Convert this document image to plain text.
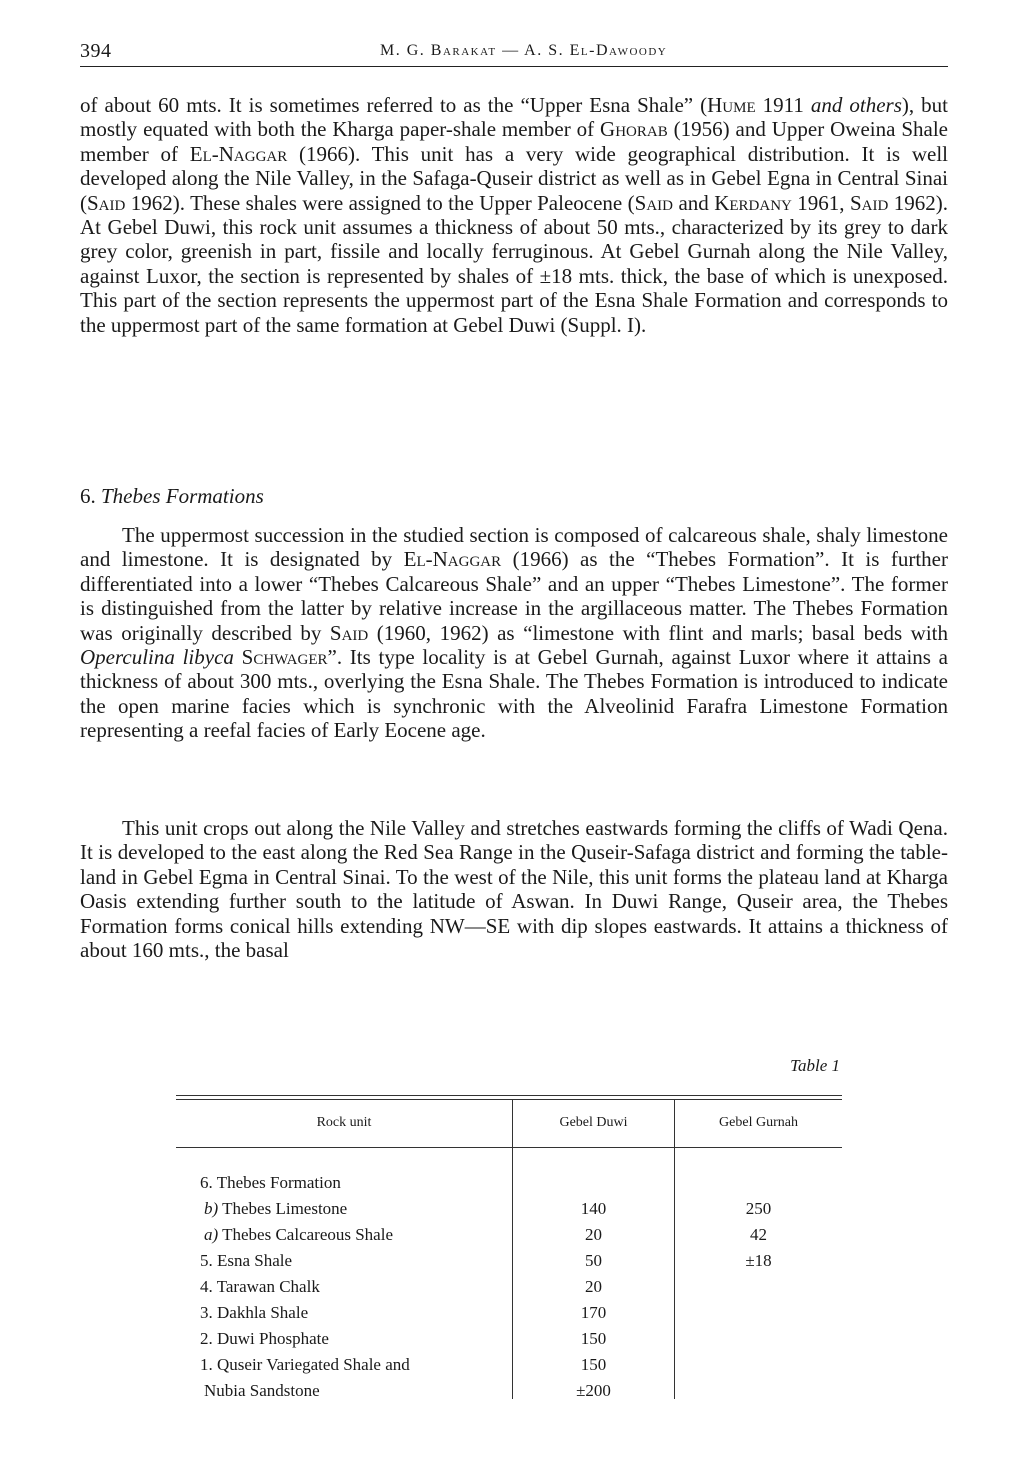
394	M. G. Barakat — A. S. El-Dawoody

of about 60 mts. It is sometimes referred to as the “Upper Esna Shale” (Hume 1911 and others), but mostly equated with both the Kharga paper-shale member of Ghorab (1956) and Upper Oweina Shale member of El-Naggar (1966). This unit has a very wide geographical distribution. It is well developed along the Nile Valley, in the Safaga-Quseir district as well as in Gebel Egna in Central Sinai (Said 1962). These shales were assigned to the Upper Paleocene (Said and Kerdany 1961, Said 1962). At Gebel Duwi, this rock unit assumes a thickness of about 50 mts., characterized by its grey to dark grey color, greenish in part, fissile and locally ferruginous. At Gebel Gurnah along the Nile Valley, against Luxor, the section is represented by shales of ±18 mts. thick, the base of which is unexposed. This part of the section represents the uppermost part of the Esna Shale Formation and corresponds to the uppermost part of the same formation at Gebel Duwi (Suppl. I).

6. Thebes Formations

The uppermost succession in the studied section is composed of calcareous shale, shaly limestone and limestone. It is designated by El-Naggar (1966) as the “Thebes Formation”. It is further differentiated into a lower “Thebes Calcareous Shale” and an upper “Thebes Limestone”. The former is distinguished from the latter by relative increase in the argillaceous matter. The Thebes Formation was originally described by Said (1960, 1962) as “limestone with flint and marls; basal beds with Operculina libyca Schwager”. Its type locality is at Gebel Gurnah, against Luxor where it attains a thickness of about 300 mts., overlying the Esna Shale. The Thebes Formation is introduced to indicate the open marine facies which is synchronic with the Alveolinid Farafra Limestone Formation representing a reefal facies of Early Eocene age.

This unit crops out along the Nile Valley and stretches eastwards forming the cliffs of Wadi Qena. It is developed to the east along the Red Sea Range in the Quseir-Safaga district and forming the table-land in Gebel Egma in Central Sinai. To the west of the Nile, this unit forms the plateau land at Kharga Oasis extending further south to the latitude of Aswan. In Duwi Range, Quseir area, the Thebes Formation forms conical hills extending NW—SE with dip slopes eastwards. It attains a thickness of about 160 mts., the basal

Table 1

Rock unit	Gebel Duwi	Gebel Gurnah
6. Thebes Formation
b) Thebes Limestone	140	250
a) Thebes Calcareous Shale	20	42
5. Esna Shale	50	±18
4. Tarawan Chalk	20
3. Dakhla Shale	170
2. Duwi Phosphate	150
1. Quseir Variegated Shale and	150
Nubia Sandstone	±200
